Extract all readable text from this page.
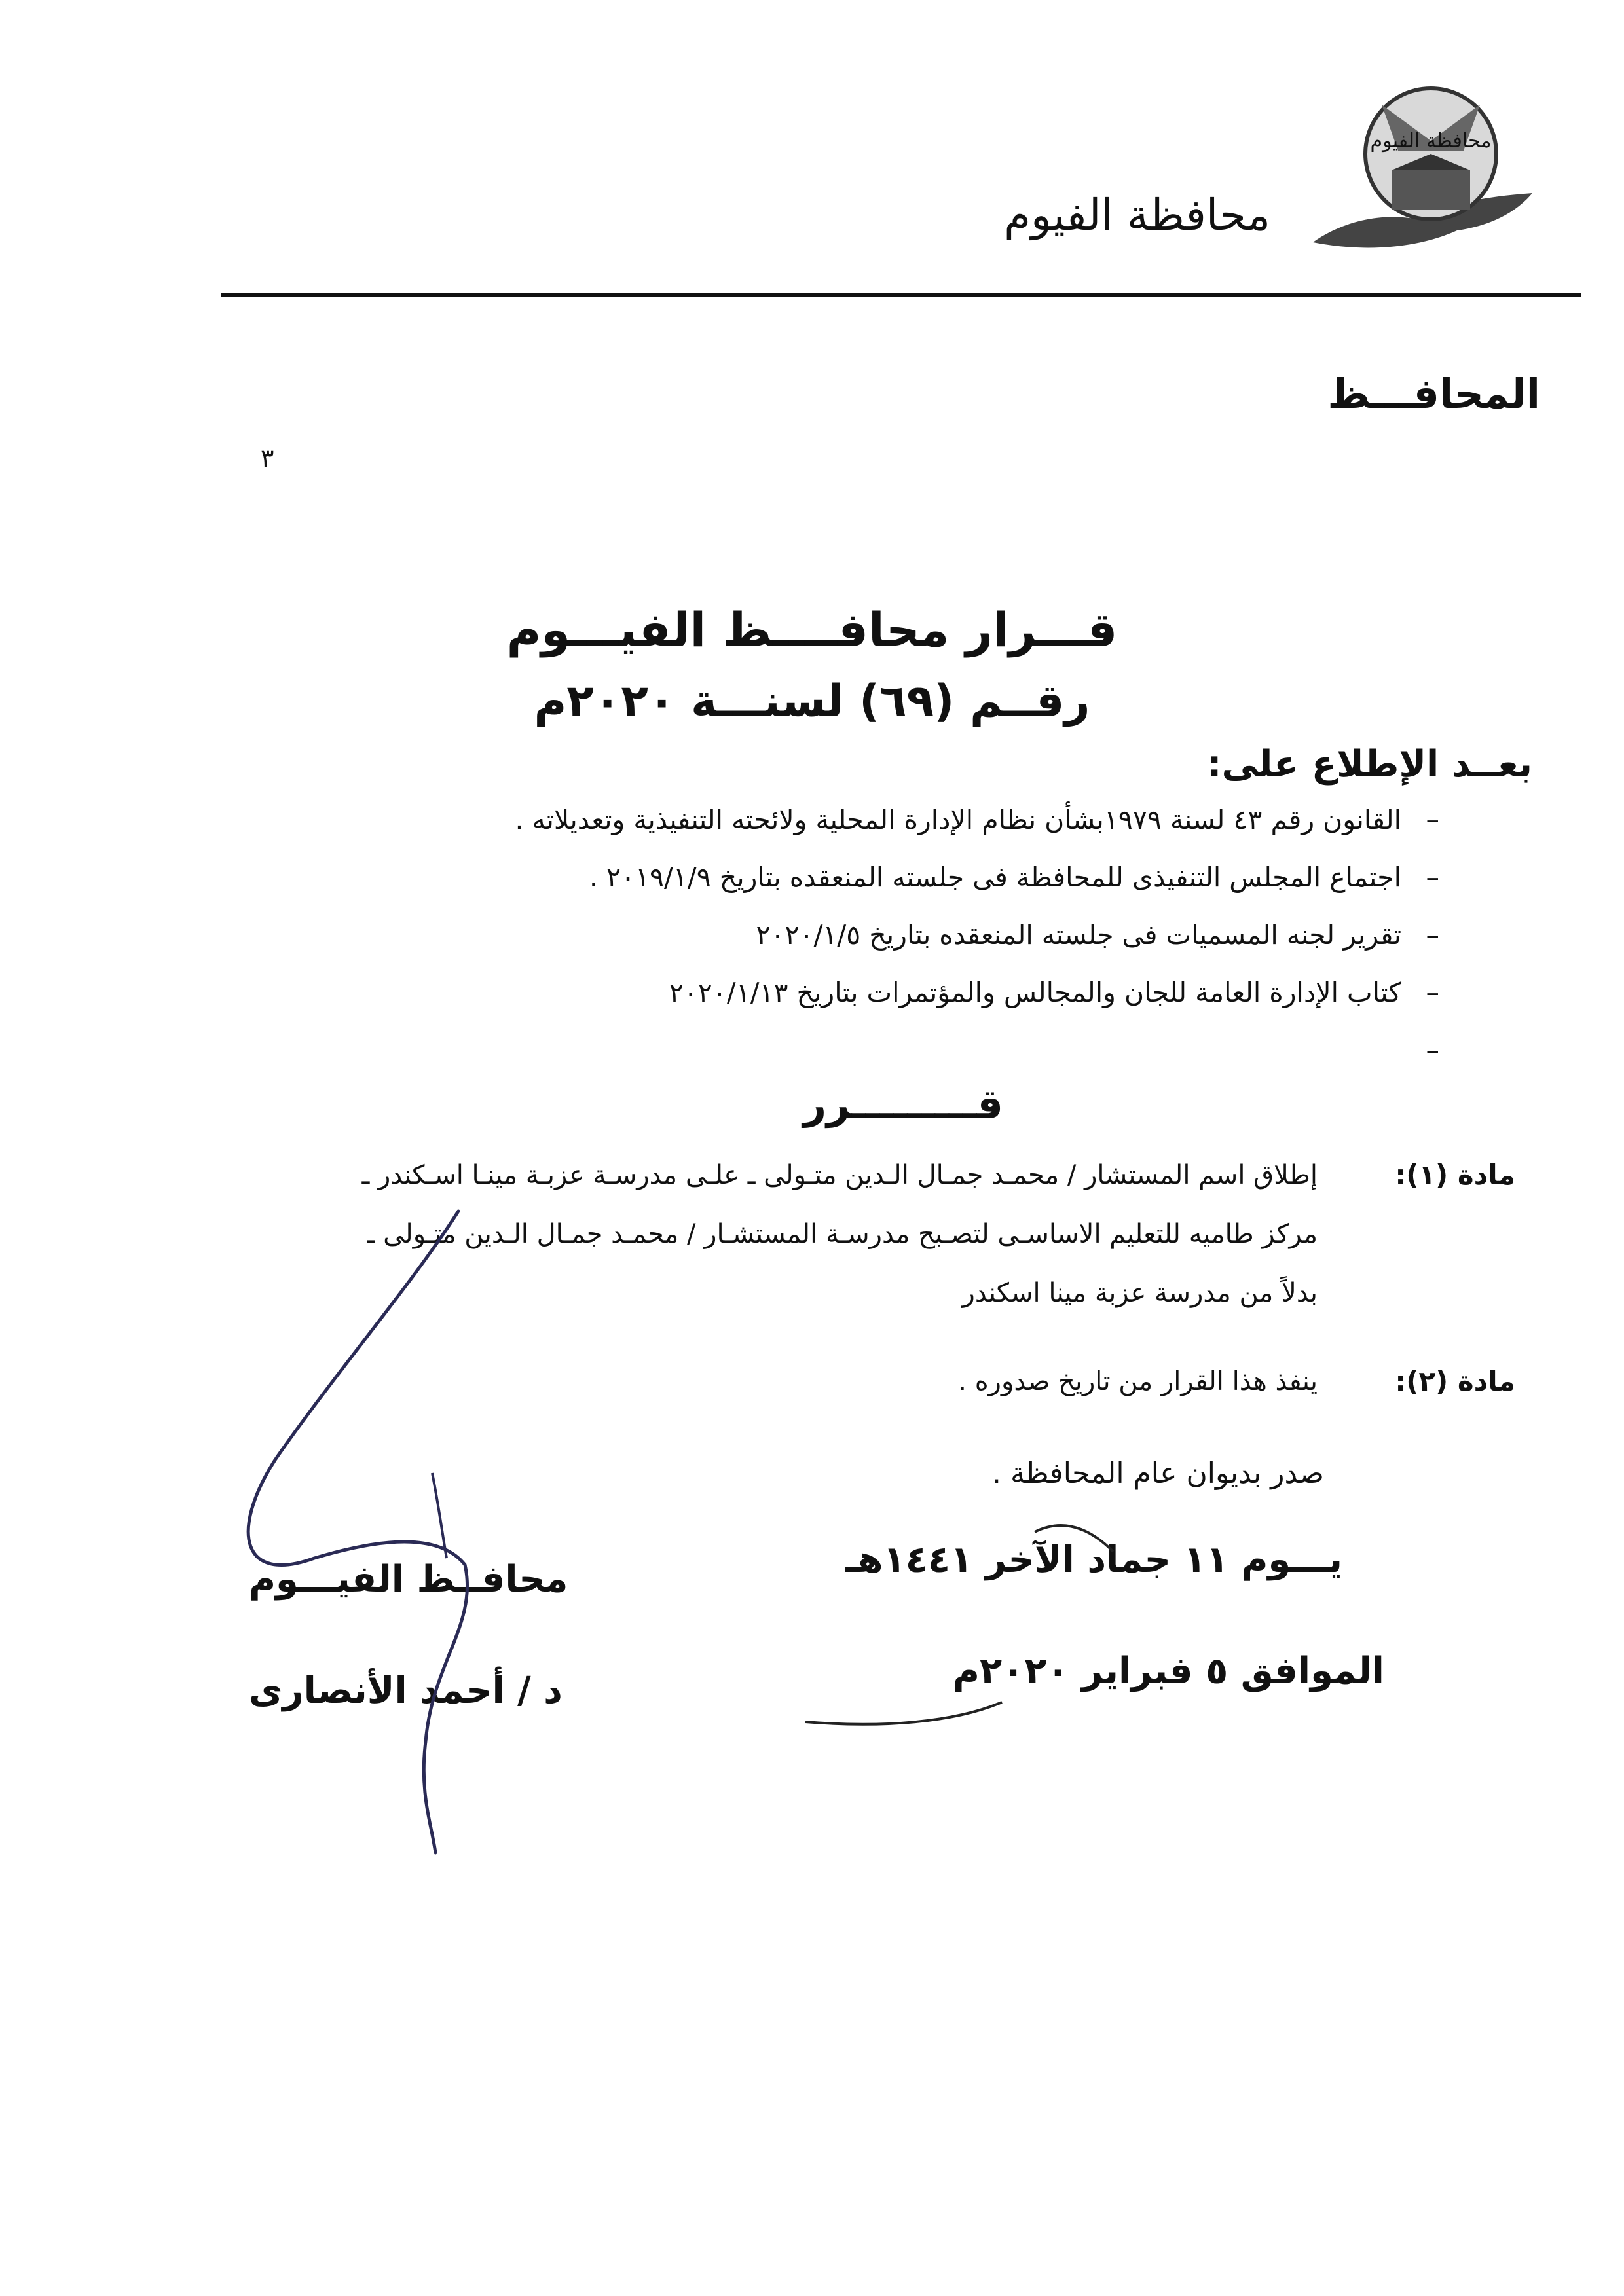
محافظة الفيوم
محافظة الفيوم
المحافـــظ
٣
قـــرار محافــــظ الفيـــوم
رقــم (٦٩) لسنـــة ٢٠٢٠م
بعــد الإطلاع على:
–
القانون رقم ٤٣ لسنة ١٩٧٩بشأن نظام الإدارة المحلية ولائحته التنفيذية وتعديلاته .
–
اجتماع المجلس التنفيذى للمحافظة فى جلسته المنعقده بتاريخ ٢٠١٩/١/٩ .
–
تقرير لجنه المسميات فى جلسته المنعقده بتاريخ ٢٠٢٠/١/٥
–
كتاب الإدارة العامة للجان والمجالس والمؤتمرات بتاريخ ٢٠٢٠/١/١٣
–
قـــــــــرر
مادة (١):
إطلاق اسم المستشار / محمـد جمـال الـدين متـولى ـ علـى مدرسـة عزبـة مينـا اسـكندر ـ
مركز طاميه للتعليم الاساسـى لتصـبح مدرسـة المستشـار / محمـد جمـال الـدين متـولى ـ
بدلاً من مدرسة عزبة مينا اسكندر
مادة (٢):
ينفذ هذا القرار من تاريخ صدوره .
صدر بديوان عام المحافظة .
يـــوم ١١ جماد الآخر ١٤٤١هـ
الموافق ٥ فبراير ٢٠٢٠م
محافــظ الفيـــوم
د / أحمد الأنصارى
